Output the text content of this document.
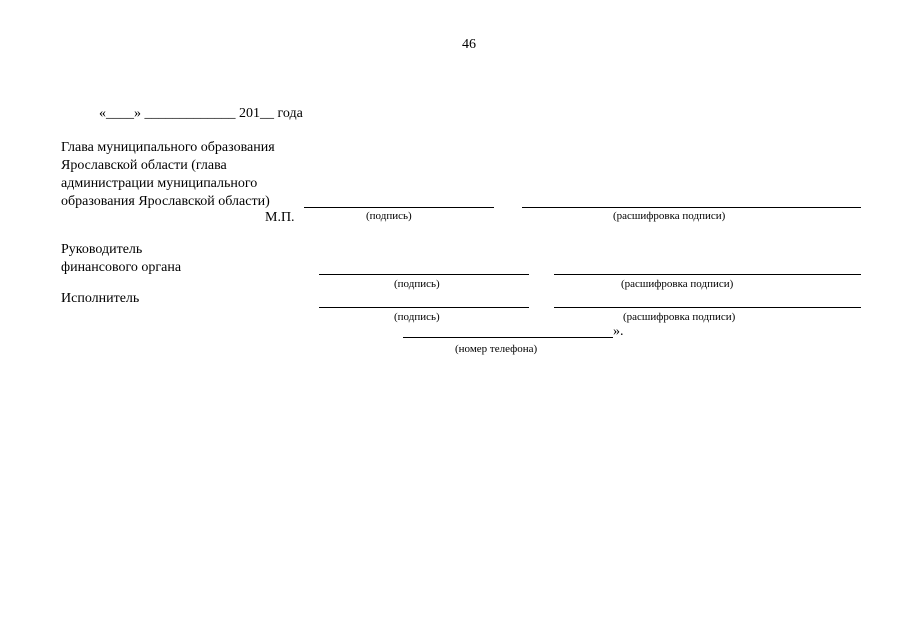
46
«____» _____________ 201__ года
Глава муниципального образования
Ярославской области (глава
администрации муниципального
образования Ярославской области)
М.П.	(подпись)	(расшифровка подписи)
Руководитель
финансового органа
(подпись)	(расшифровка подписи)
Исполнитель
(подпись)	(расшифровка подписи)
».
(номер телефона)
